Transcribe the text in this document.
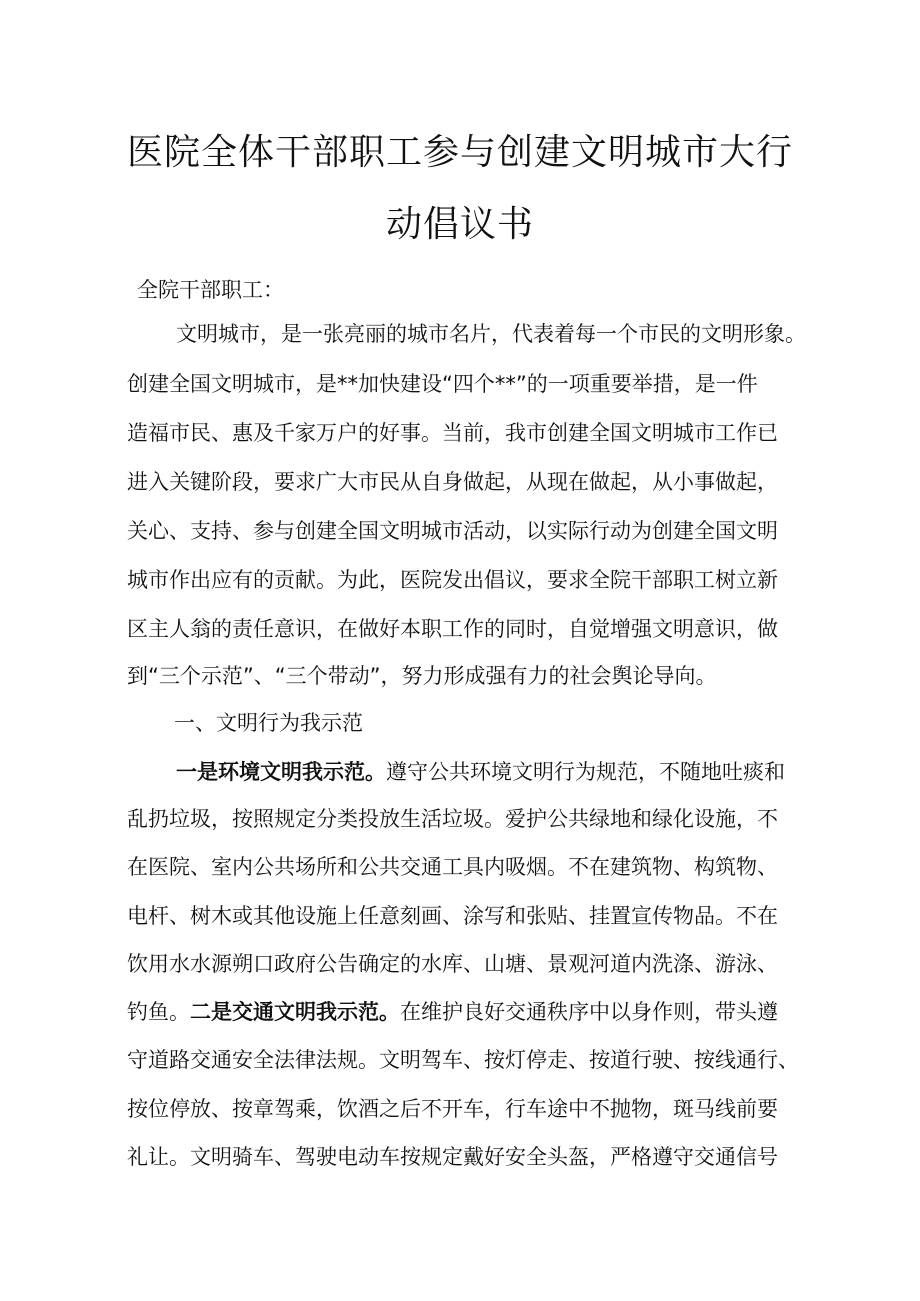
医院全体干部职工参与创建文明城市大行
动倡议书
全院干部职工：
文明城市，是一张亮丽的城市名片，代表着每一个市民的文明形象。
创建全国文明城市，是**加快建设“四个**”的一项重要举措，是一件
造福市民、惠及千家万户的好事。当前，我市创建全国文明城市工作已
进入关键阶段，要求广大市民从自身做起，从现在做起，从小事做起，
关心、支持、参与创建全国文明城市活动，以实际行动为创建全国文明
城市作出应有的贡献。为此，医院发出倡议，要求全院干部职工树立新
区主人翁的责任意识，在做好本职工作的同时，自觉增强文明意识，做
到“三个示范”、“三个带动”，努力形成强有力的社会舆论导向。
一、文明行为我示范
一是环境文明我示范。遵守公共环境文明行为规范，不随地吐痰和
乱扔垃圾，按照规定分类投放生活垃圾。爱护公共绿地和绿化设施，不
在医院、室内公共场所和公共交通工具内吸烟。不在建筑物、构筑物、
电杆、树木或其他设施上任意刻画、涂写和张贴、挂置宣传物品。不在
饮用水水源朔口政府公告确定的水库、山塘、景观河道内洗涤、游泳、
钓鱼。二是交通文明我示范。在维护良好交通秩序中以身作则，带头遵
守道路交通安全法律法规。文明驾车、按灯停走、按道行驶、按线通行、
按位停放、按章驾乘，饮酒之后不开车，行车途中不抛物，斑马线前要
礼让。文明骑车、驾驶电动车按规定戴好安全头盔，严格遵守交通信号
